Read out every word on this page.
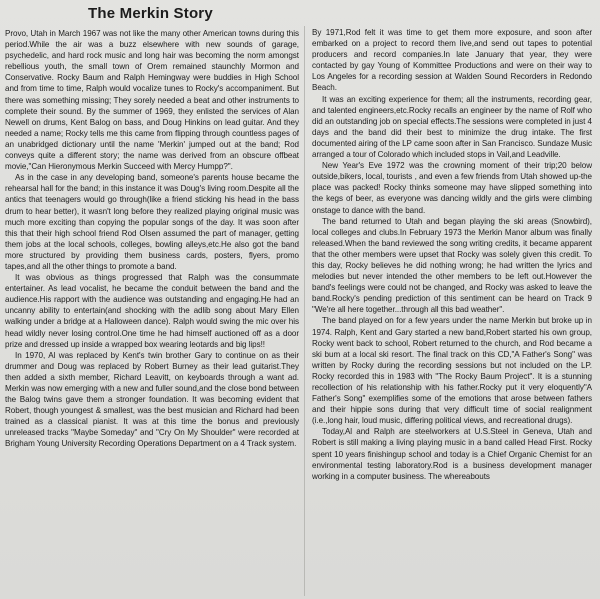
The Merkin Story

Provo, Utah in March 1967 was not like the many other American towns during this period.While the air was a buzz elsewhere with new sounds of garage, psychedelic, and hard rock music and long hair was becoming the norm amongst rebellious youth, the small town of Orem remained staunchly Mormon and Conservative. Rocky Baum and Ralph Hemingway were buddies in High School and from time to time, Ralph would vocalize tunes to Rocky's accompaniment. But there was something missing; They sorely needed a beat and other instruments to complete their sound. By the summer of 1969, they enlisted the services of Alan Newell on drums, Kent Balog on bass, and Doug Hinkins on lead guitar. And they needed a name; Rocky tells me this came from flipping through countless pages of an unabridged dictionary until the name 'Merkin' jumped out at the band; Rod conveys quite a different story; the name was derived from an obscure offbeat movie,"Can Hieronymous Merkin Succeed with Mercy Humpp?".

As in the case in any developing band, someone's parents house became the rehearsal hall for the band; in this instance it was Doug's living room.Despite all the antics that teenagers would go through(like a friend sticking his head in the bass drum to hear better), it wasn't long before they realized playing original music was much more exciting than copying the popular songs of the day. It was soon after this that their high school friend Rod Olsen assumed the part of manager, getting them jobs at the local schools, colleges, bowling alleys,etc.He also got the band more structured by providing them business cards, posters, flyers, promo tapes,and all the other things to promote a band.

It was obvious as things progressed that Ralph was the consummate entertainer. As lead vocalist, he became the conduit between the band and the audience.His rapport with the audience was outstanding and engaging.He had an uncanny ability to entertain(and shocking with the adlib song about Mary Ellen walking under a bridge at a Halloween dance). Ralph would swing the mic over his head wildly never losing control.One time he had himself auctioned off as a door prize and dressed up inside a wrapped box wearing leotards and big lips!!

In 1970, Al was replaced by Kent's twin brother Gary to continue on as their drummer and Doug was replaced by Robert Burney as their lead guitarist.They then added a sixth member, Richard Leavitt, on keyboards through a want ad. Merkin was now emerging with a new and fuller sound,and the close bond between the Balog twins gave them a stronger foundation. It was becoming evident that Robert, though youngest & smallest, was the best musician and Richard had been trained as a classical pianist. It was at this time the bonus and previously unreleased tracks "Maybe Someday" and "Cry On My Shoulder" were recorded at Brigham Young University Recording Operations Department on a 4 Track system.

By 1971,Rod felt it was time to get them more exposure, and soon after embarked on a project to record them live,and send out tapes to potential producers and record companies.In late January that year, they were contacted by gay Young of Kommittee Productions and were on their way to Los Angeles for a recording session at Walden Sound Recorders in Redondo Beach.

It was an exciting experience for them; all the instruments, recording gear, and talented engineers,etc.Rocky recalls an engineer by the name of Rolf who did an outstanding job on special effects.The sessions were completed in just 4 days and the band did their best to minimize the drug intake. The first documented airing of the LP came soon after in San Francisco. Sundaze Music arranged a tour of Colorado which included stops in Vail,and Leadville.

New Year's Eve 1972 was the crowning moment of their trip;20 below outside,bikers, local, tourists , and even a few friends from Utah showed up-the place was packed! Rocky thinks someone may have slipped something into the kegs of beer, as everyone was dancing wildly and the girls were climbing onstage to dance with the band.

The band returned to Utah and began playing the ski areas (Snowbird), local colleges and clubs.In February 1973 the Merkin Manor album was finally released.When the band reviewed the song writing credits, it became apparent that the other members were upset that Rocky was solely given this credit. To this day, Rocky believes he did nothing wrong; he had written the lyrics and melodies but never intended the other members to be left out.However the band's feelings were could not be changed, and Rocky was asked to leave the band.Rocky's pending prediction of this sentiment can be heard on Track 9 "We're all here together...through all this bad weather".

The band played on for a few years under the name Merkin but broke up in 1974. Ralph, Kent and Gary started a new band,Robert started his own group, Rocky went back to school, Robert returned to the church, and Rod became a ski bum at a local ski resort. The final track on this CD,"A Father's Song" was written by Rocky during the recording sessions but not included on the LP. Rocky recorded this in 1983 with "The Rocky Baum Project". It is a stunning recollection of his relationship with his father.Rocky put it very eloquently"A Father's Song" exemplifies some of the emotions that arose between fathers and their hippie sons during that very difficult time of social realignment (i.e.,long hair, loud music, differing political views, and recreational drugs).

Today,Al and Ralph are steelworkers at U.S.Steel in Geneva, Utah and Robert is still making a living playing music in a band called Head First. Rocky spent 10 years finishingup school and today is a Chief Organic Chemist for an environmental testing laboratory.Rod is a business development manager working in a computer business. The whereabouts
